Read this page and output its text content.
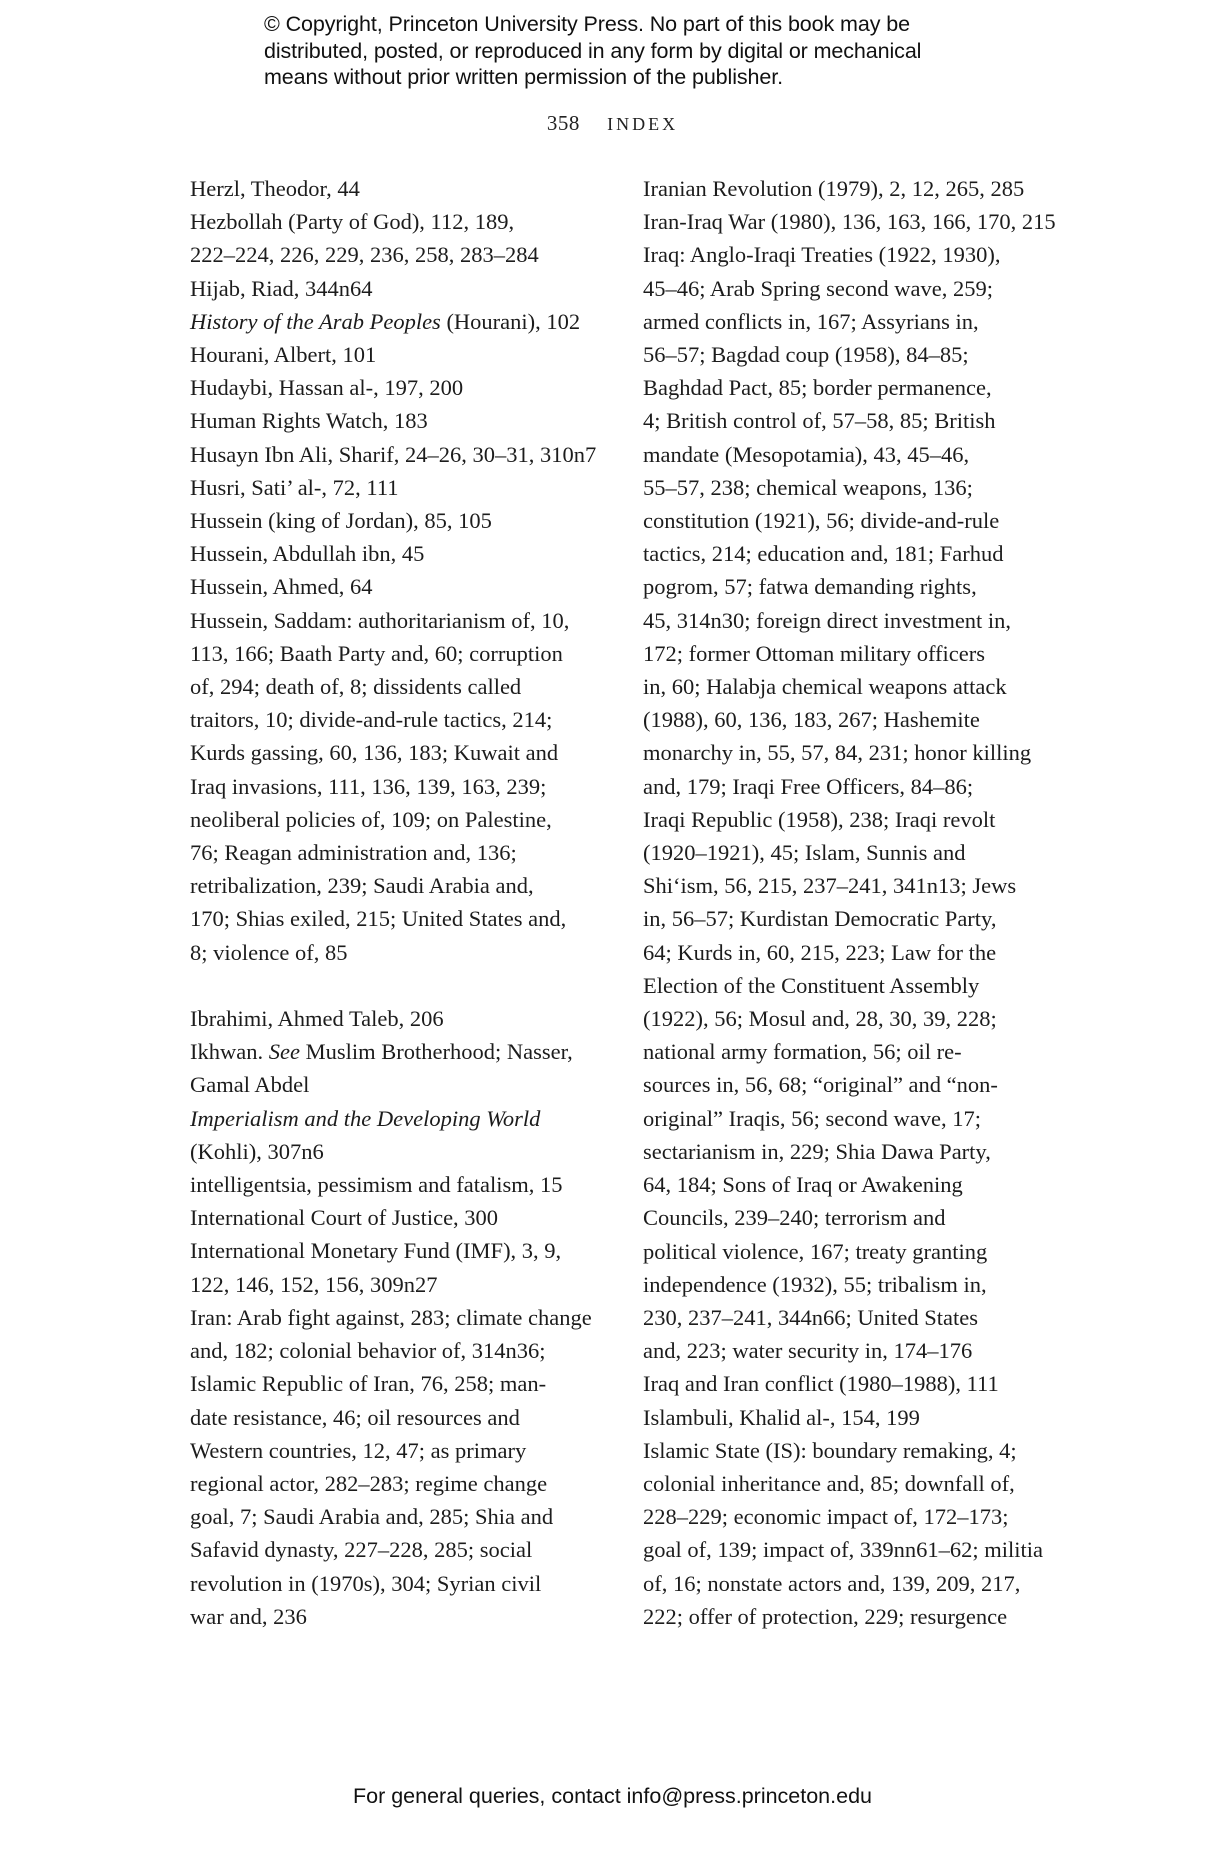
© Copyright, Princeton University Press. No part of this book may be
distributed, posted, or reproduced in any form by digital or mechanical
means without prior written permission of the publisher.
358 INDEX
Herzl, Theodor, 44
Hezbollah (Party of God), 112, 189,
222–224, 226, 229, 236, 258, 283–284
Hijab, Riad, 344n64
History of the Arab Peoples (Hourani), 102
Hourani, Albert, 101
Hudaybi, Hassan al-, 197, 200
Human Rights Watch, 183
Husayn Ibn Ali, Sharif, 24–26, 30–31, 310n7
Husri, Sati’ al-, 72, 111
Hussein (king of Jordan), 85, 105
Hussein, Abdullah ibn, 45
Hussein, Ahmed, 64
Hussein, Saddam: authoritarianism of, 10,
113, 166; Baath Party and, 60; corruption
of, 294; death of, 8; dissidents called
traitors, 10; divide-and-rule tactics, 214;
Kurds gassing, 60, 136, 183; Kuwait and
Iraq invasions, 111, 136, 139, 163, 239;
neoliberal policies of, 109; on Palestine,
76; Reagan administration and, 136;
retribalization, 239; Saudi Arabia and,
170; Shias exiled, 215; United States and,
8; violence of, 85
Ibrahimi, Ahmed Taleb, 206
Ikhwan. See Muslim Brotherhood; Nasser,
Gamal Abdel
Imperialism and the Developing World
(Kohli), 307n6
intelligentsia, pessimism and fatalism, 15
International Court of Justice, 300
International Monetary Fund (IMF), 3, 9,
122, 146, 152, 156, 309n27
Iran: Arab fight against, 283; climate change
and, 182; colonial behavior of, 314n36;
Islamic Republic of Iran, 76, 258; man-
date resistance, 46; oil resources and
Western countries, 12, 47; as primary
regional actor, 282–283; regime change
goal, 7; Saudi Arabia and, 285; Shia and
Safavid dynasty, 227–228, 285; social
revolution in (1970s), 304; Syrian civil
war and, 236
Iranian Revolution (1979), 2, 12, 265, 285
Iran-Iraq War (1980), 136, 163, 166, 170, 215
Iraq: Anglo-Iraqi Treaties (1922, 1930),
45–46; Arab Spring second wave, 259;
armed conflicts in, 167; Assyrians in,
56–57; Bagdad coup (1958), 84–85;
Baghdad Pact, 85; border permanence,
4; British control of, 57–58, 85; British
mandate (Mesopotamia), 43, 45–46,
55–57, 238; chemical weapons, 136;
constitution (1921), 56; divide-and-rule
tactics, 214; education and, 181; Farhud
pogrom, 57; fatwa demanding rights,
45, 314n30; foreign direct investment in,
172; former Ottoman military officers
in, 60; Halabja chemical weapons attack
(1988), 60, 136, 183, 267; Hashemite
monarchy in, 55, 57, 84, 231; honor killing
and, 179; Iraqi Free Officers, 84–86;
Iraqi Republic (1958), 238; Iraqi revolt
(1920–1921), 45; Islam, Sunnis and
Shi‘ism, 56, 215, 237–241, 341n13; Jews
in, 56–57; Kurdistan Democratic Party,
64; Kurds in, 60, 215, 223; Law for the
Election of the Constituent Assembly
(1922), 56; Mosul and, 28, 30, 39, 228;
national army formation, 56; oil re-
sources in, 56, 68; “original” and “non-
original” Iraqis, 56; second wave, 17;
sectarianism in, 229; Shia Dawa Party,
64, 184; Sons of Iraq or Awakening
Councils, 239–240; terrorism and
political violence, 167; treaty granting
independence (1932), 55; tribalism in,
230, 237–241, 344n66; United States
and, 223; water security in, 174–176
Iraq and Iran conflict (1980–1988), 111
Islambuli, Khalid al-, 154, 199
Islamic State (IS): boundary remaking, 4;
colonial inheritance and, 85; downfall of,
228–229; economic impact of, 172–173;
goal of, 139; impact of, 339nn61–62; militia
of, 16; nonstate actors and, 139, 209, 217,
222; offer of protection, 229; resurgence
For general queries, contact info@press.princeton.edu
